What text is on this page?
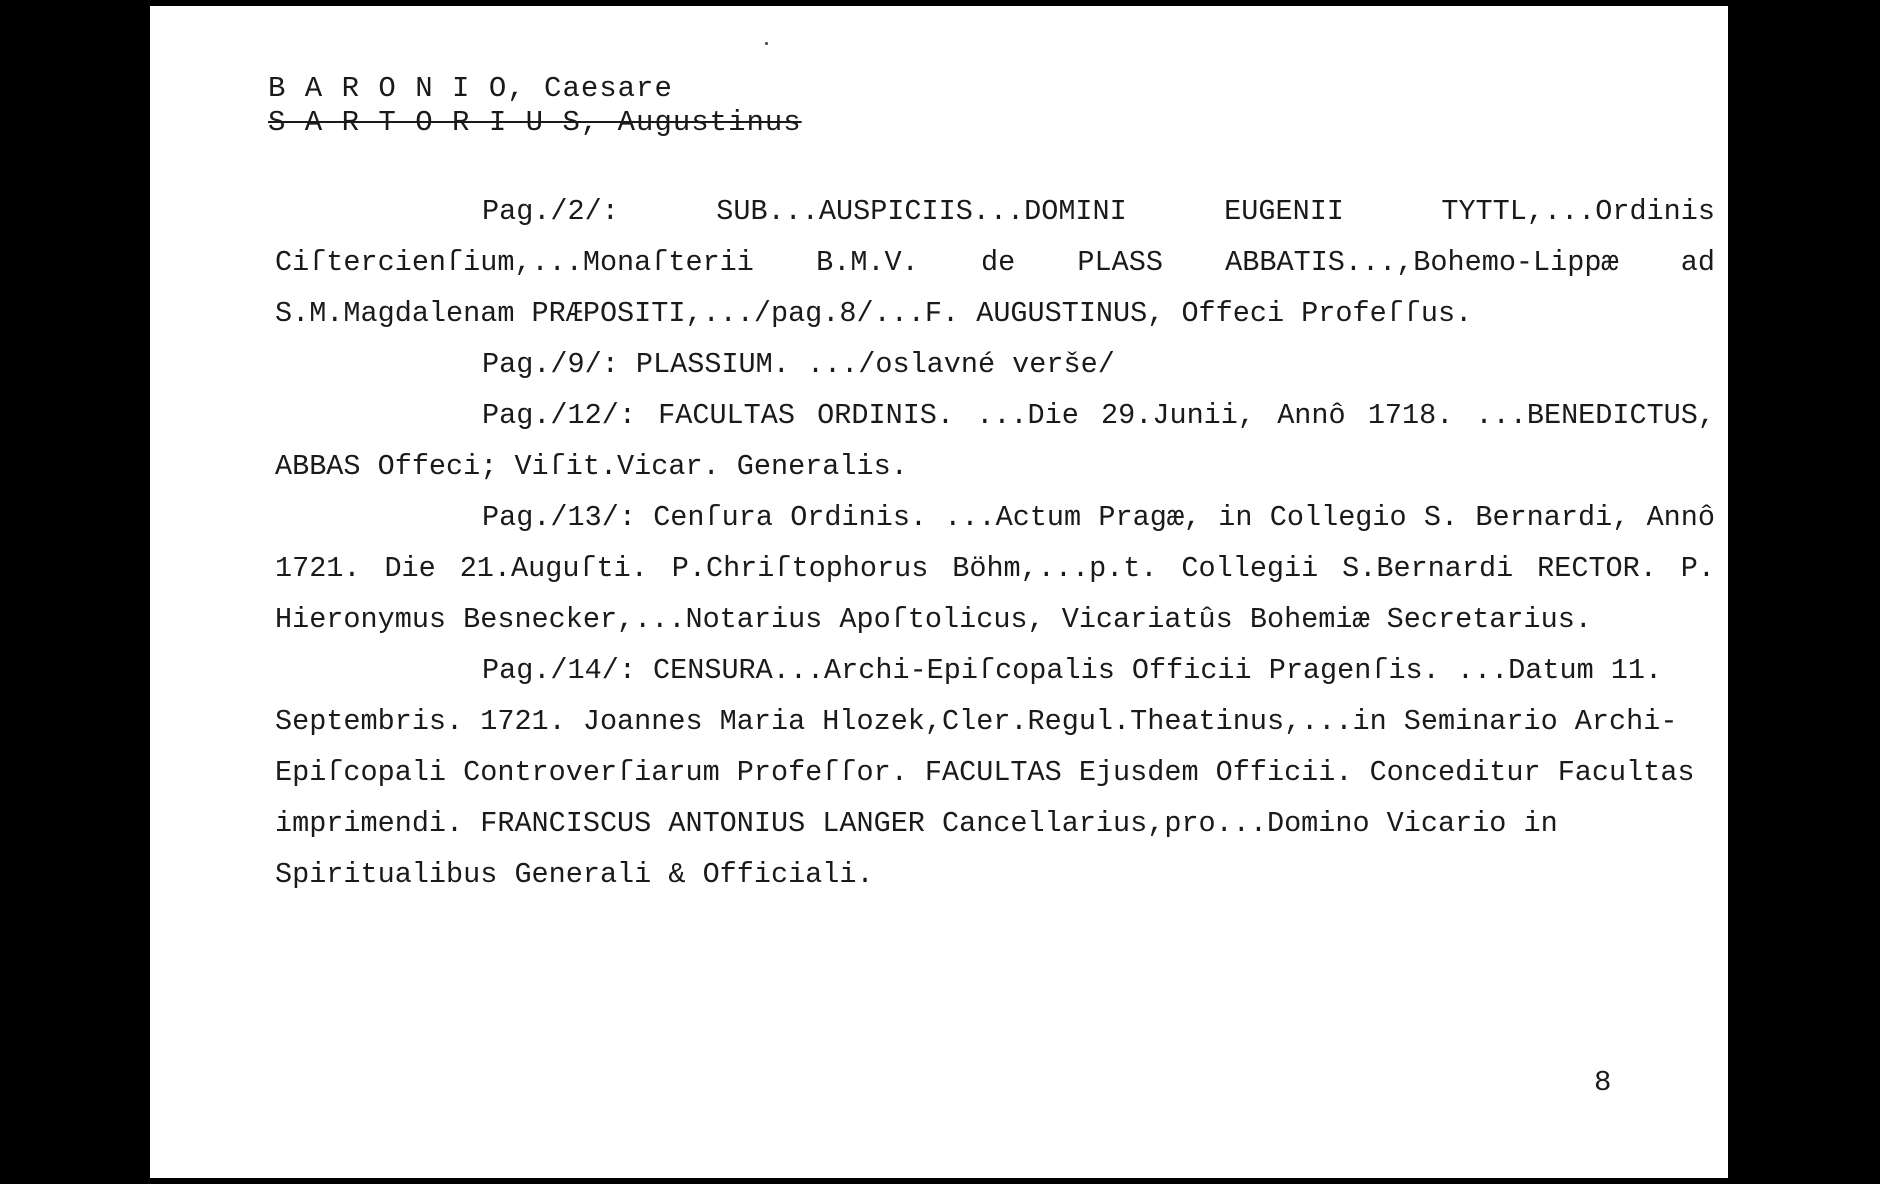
B A R O N I O, Caesare
S A R T O R I U S, Augustinus

Pag./2/: SUB...AUSPICIIS...DOMINI EUGENII TYTTL,...Ordinis Ciſtercienſium,...Monaſterii B.M.V. de PLASS ABBATIS...,Bohemo-Lippæ ad S.M.Magdalenam PRÆPOSITI,.../pag.8/...F. AUGUSTINUS, Offeci Profeſſus.

Pag./9/: PLASSIUM. .../oslavné verše/

Pag./12/: FACULTAS ORDINIS. ...Die 29.Junii, Annô 1718. ...BENEDICTUS, ABBAS Offeci; Viſit.Vicar. Generalis.

Pag./13/: Cenſura Ordinis. ...Actum Pragæ, in Collegio S. Bernardi, Annô 1721. Die 21.Auguſti. P.Chriſtophorus Böhm,...p.t. Collegii S.Bernardi RECTOR. P. Hieronymus Besnecker,...Notarius Apoſtolicus, Vicariatûs Bohemiæ Secretarius.

Pag./14/: CENSURA...Archi-Epiſcopalis Officii Pragenſis. ...Datum 11. Septembris. 1721. Joannes Maria Hlozek,Cler.Regul.Theatinus,...in Seminario Archi-Epiſcopali Controverſiarum Profeſſor. FACULTAS Ejusdem Officii. Conceditur Facultas imprimendi. FRANCISCUS ANTONIUS LANGER Cancellarius,pro...Domino Vicario in Spiritualibus Generali & Officiali.

8
